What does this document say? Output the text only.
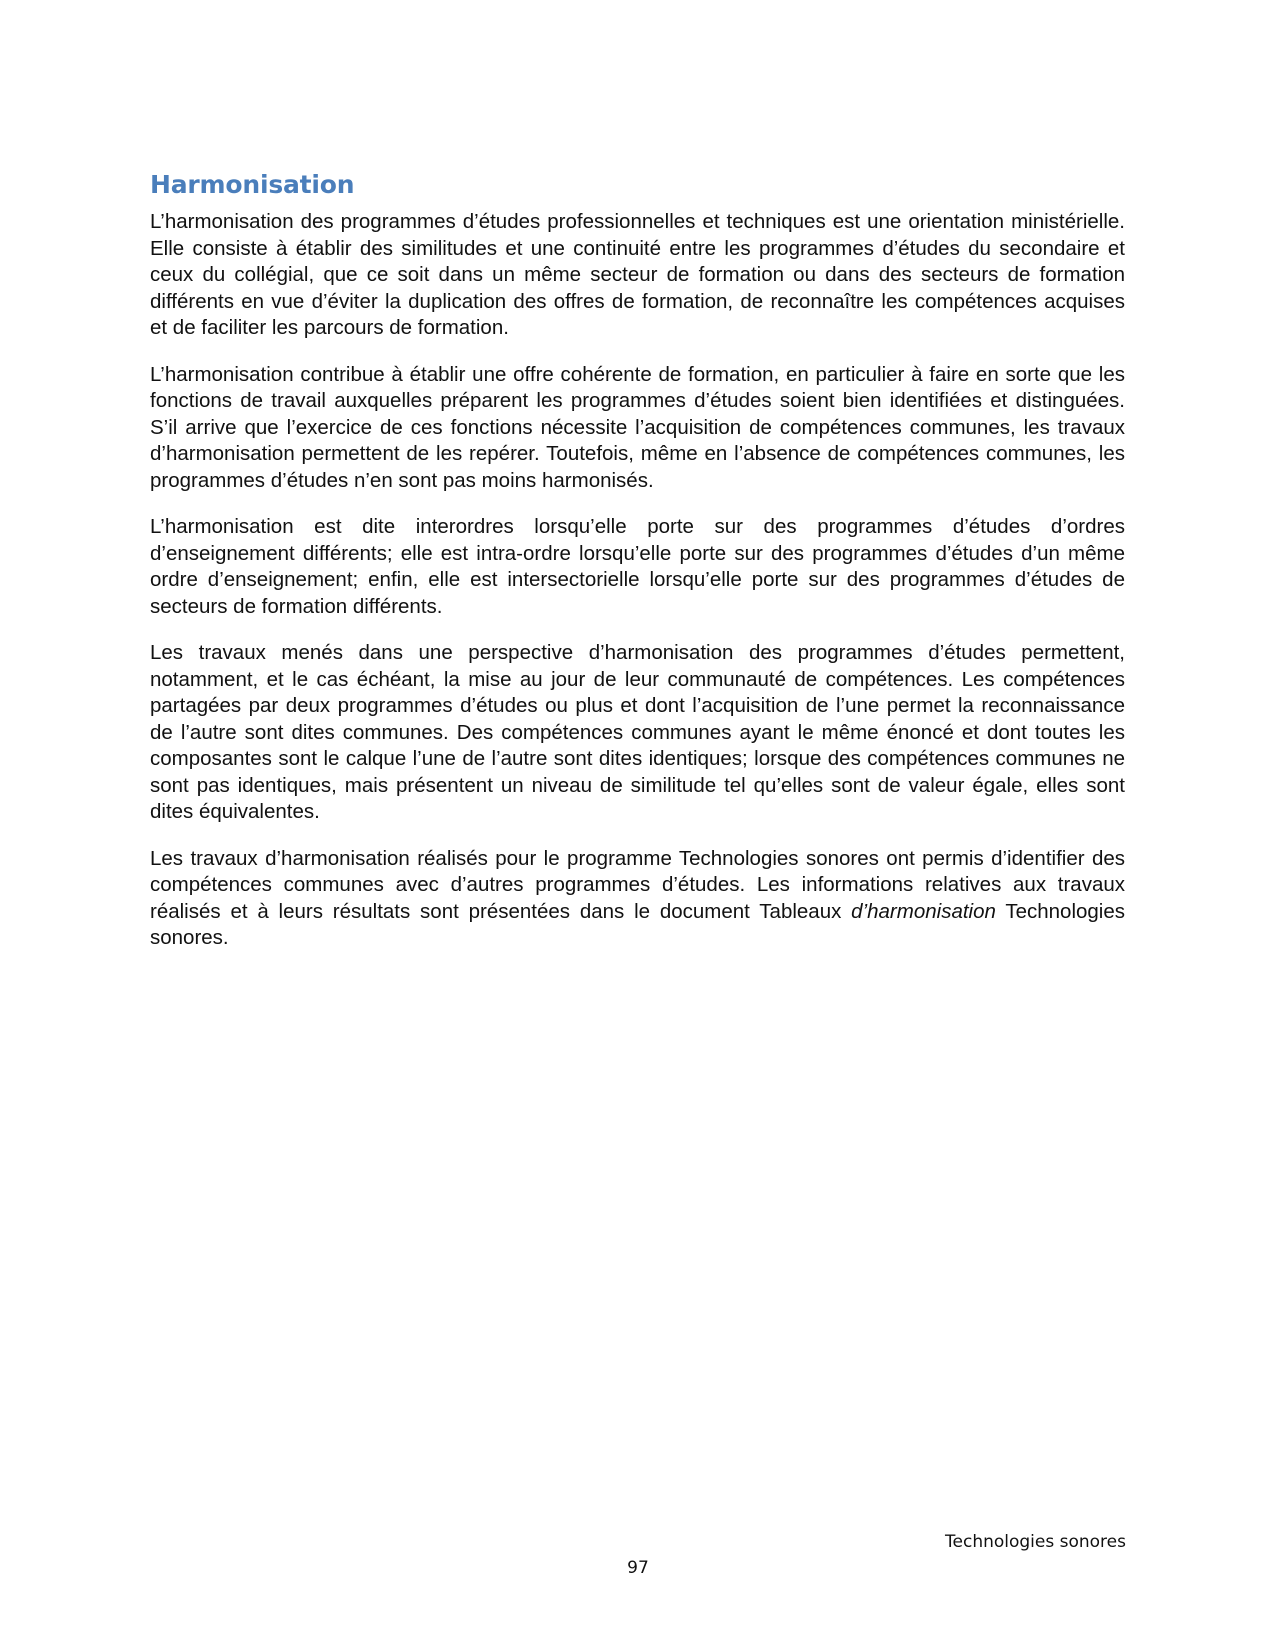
Harmonisation

L’harmonisation des programmes d’études professionnelles et techniques est une orientation ministérielle. Elle consiste à établir des similitudes et une continuité entre les programmes d’études du secondaire et ceux du collégial, que ce soit dans un même secteur de formation ou dans des secteurs de formation différents en vue d’éviter la duplication des offres de formation, de reconnaître les compétences acquises et de faciliter les parcours de formation.

L’harmonisation contribue à établir une offre cohérente de formation, en particulier à faire en sorte que les fonctions de travail auxquelles préparent les programmes d’études soient bien identifiées et distinguées. S’il arrive que l’exercice de ces fonctions nécessite l’acquisition de compétences communes, les travaux d’harmonisation permettent de les repérer. Toutefois, même en l’absence de compétences communes, les programmes d’études n’en sont pas moins harmonisés.

L’harmonisation est dite interordres lorsqu’elle porte sur des programmes d’études d’ordres d’enseignement différents; elle est intra-ordre lorsqu’elle porte sur des programmes d’études d’un même ordre d’enseignement; enfin, elle est intersectorielle lorsqu’elle porte sur des programmes d’études de secteurs de formation différents.

Les travaux menés dans une perspective d’harmonisation des programmes d’études permettent, notamment, et le cas échéant, la mise au jour de leur communauté de compétences. Les compétences partagées par deux programmes d’études ou plus et dont l’acquisition de l’une permet la reconnaissance de l’autre sont dites communes. Des compétences communes ayant le même énoncé et dont toutes les composantes sont le calque l’une de l’autre sont dites identiques; lorsque des compétences communes ne sont pas identiques, mais présentent un niveau de similitude tel qu’elles sont de valeur égale, elles sont dites équivalentes.

Les travaux d’harmonisation réalisés pour le programme Technologies sonores ont permis d’identifier des compétences communes avec d’autres programmes d’études. Les informations relatives aux travaux réalisés et à leurs résultats sont présentées dans le document Tableaux d’harmonisation Technologies sonores.

Technologies sonores
97
